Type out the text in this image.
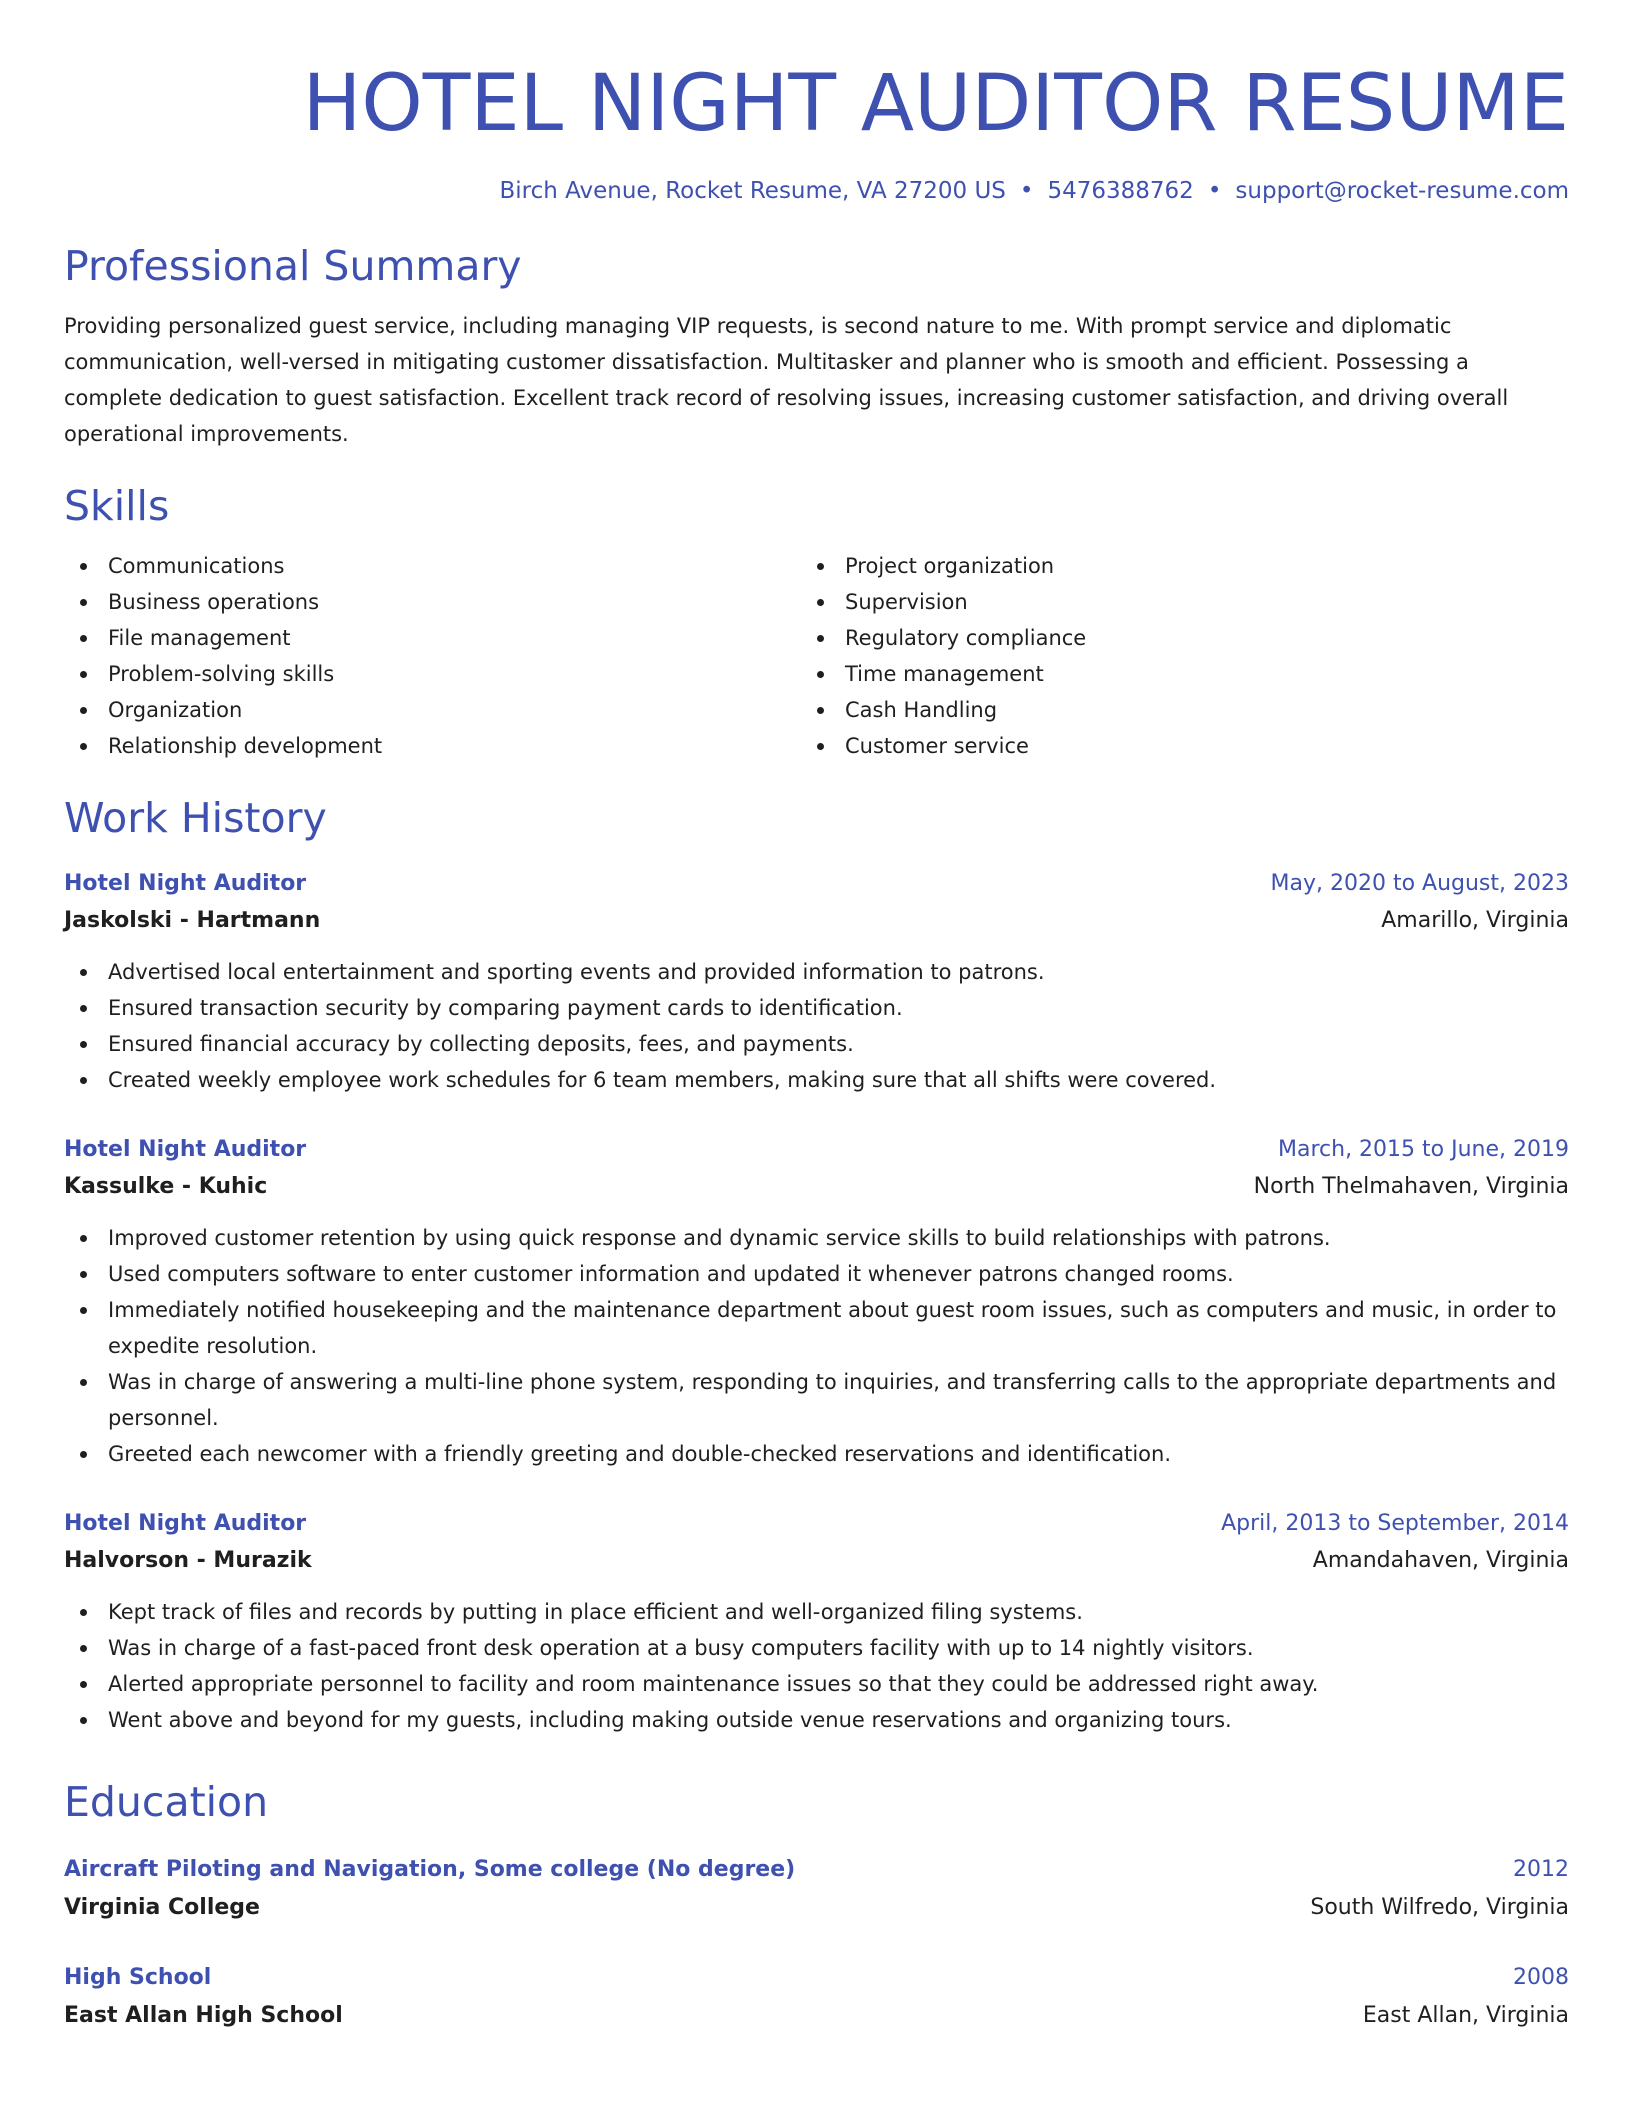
HOTEL NIGHT AUDITOR RESUME
Birch Avenue, Rocket Resume, VA 27200 US • 5476388762 • support@rocket-resume.com
Professional Summary
Providing personalized guest service, including managing VIP requests, is second nature to me. With prompt service and diplomatic communication, well-versed in mitigating customer dissatisfaction. Multitasker and planner who is smooth and efficient. Possessing a complete dedication to guest satisfaction. Excellent track record of resolving issues, increasing customer satisfaction, and driving overall operational improvements.
Skills
Communications
Business operations
File management
Problem-solving skills
Organization
Relationship development
Project organization
Supervision
Regulatory compliance
Time management
Cash Handling
Customer service
Work History
Hotel Night Auditor	May, 2020 to August, 2023
Jaskolski - Hartmann	Amarillo, Virginia
Advertised local entertainment and sporting events and provided information to patrons.
Ensured transaction security by comparing payment cards to identification.
Ensured financial accuracy by collecting deposits, fees, and payments.
Created weekly employee work schedules for 6 team members, making sure that all shifts were covered.
Hotel Night Auditor	March, 2015 to June, 2019
Kassulke - Kuhic	North Thelmahaven, Virginia
Improved customer retention by using quick response and dynamic service skills to build relationships with patrons.
Used computers software to enter customer information and updated it whenever patrons changed rooms.
Immediately notified housekeeping and the maintenance department about guest room issues, such as computers and music, in order to expedite resolution.
Was in charge of answering a multi-line phone system, responding to inquiries, and transferring calls to the appropriate departments and personnel.
Greeted each newcomer with a friendly greeting and double-checked reservations and identification.
Hotel Night Auditor	April, 2013 to September, 2014
Halvorson - Murazik	Amandahaven, Virginia
Kept track of files and records by putting in place efficient and well-organized filing systems.
Was in charge of a fast-paced front desk operation at a busy computers facility with up to 14 nightly visitors.
Alerted appropriate personnel to facility and room maintenance issues so that they could be addressed right away.
Went above and beyond for my guests, including making outside venue reservations and organizing tours.
Education
Aircraft Piloting and Navigation, Some college (No degree)	2012
Virginia College	South Wilfredo, Virginia
High School	2008
East Allan High School	East Allan, Virginia
